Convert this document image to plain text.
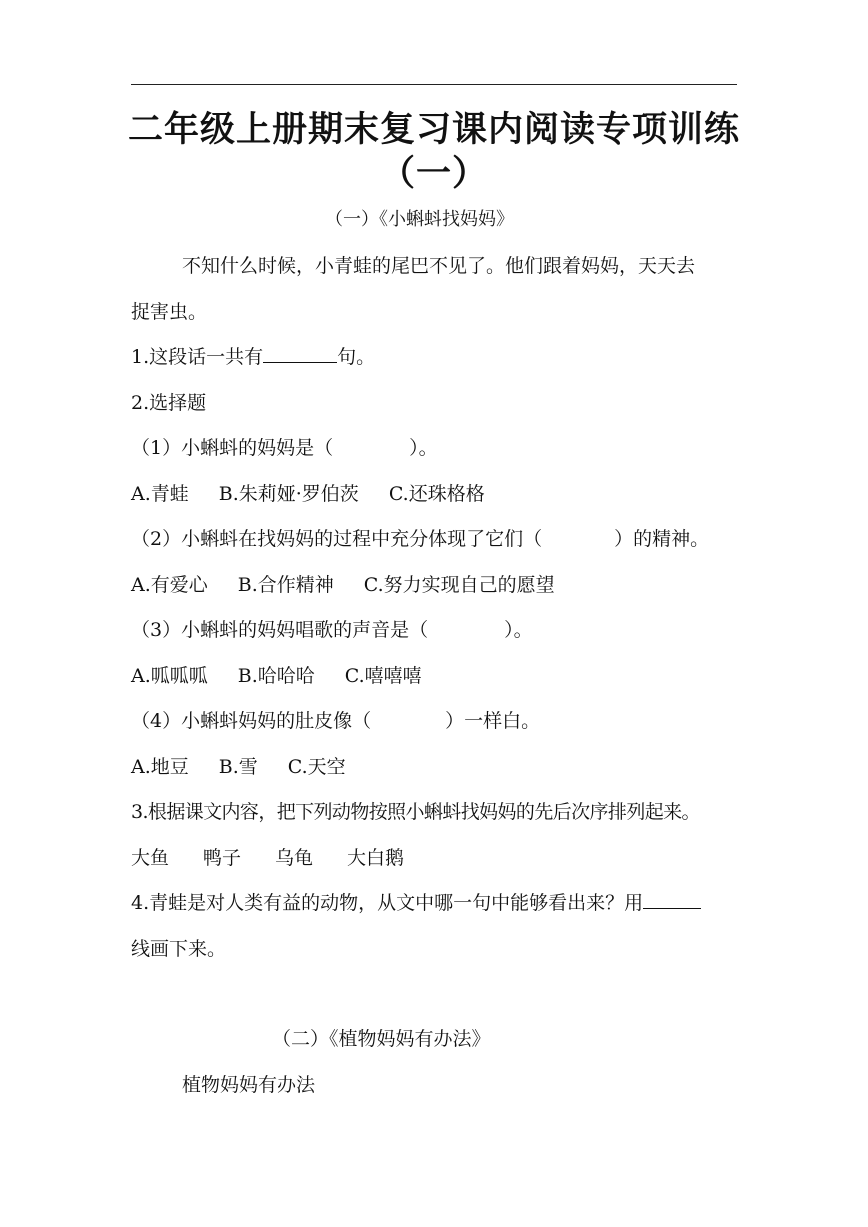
二年级上册期末复习课内阅读专项训练
（一）
（一）《小蝌蚪找妈妈》
不知什么时候，小青蛙的尾巴不见了。他们跟着妈妈，天天去
捉害虫。
1.这段话一共有	句。
2.选择题
（1）小蝌蚪的妈妈是（	）。
A.青蛙 B.朱莉娅·罗伯茨 C.还珠格格
（2）小蝌蚪在找妈妈的过程中充分体现了它们（	）的精神。
A.有爱心 B.合作精神 C.努力实现自己的愿望
（3）小蝌蚪的妈妈唱歌的声音是（	）。
A.呱呱呱 B.哈哈哈 C.嘻嘻嘻
（4）小蝌蚪妈妈的肚皮像（	）一样白。
A.地豆 B.雪 C.天空
3.根据课文内容，把下列动物按照小蝌蚪找妈妈的先后次序排列起来。
大鱼 鸭子 乌龟 大白鹅
4.青蛙是对人类有益的动物，从文中哪一句中能够看出来？用
线画下来。
（二）《植物妈妈有办法》
植物妈妈有办法
